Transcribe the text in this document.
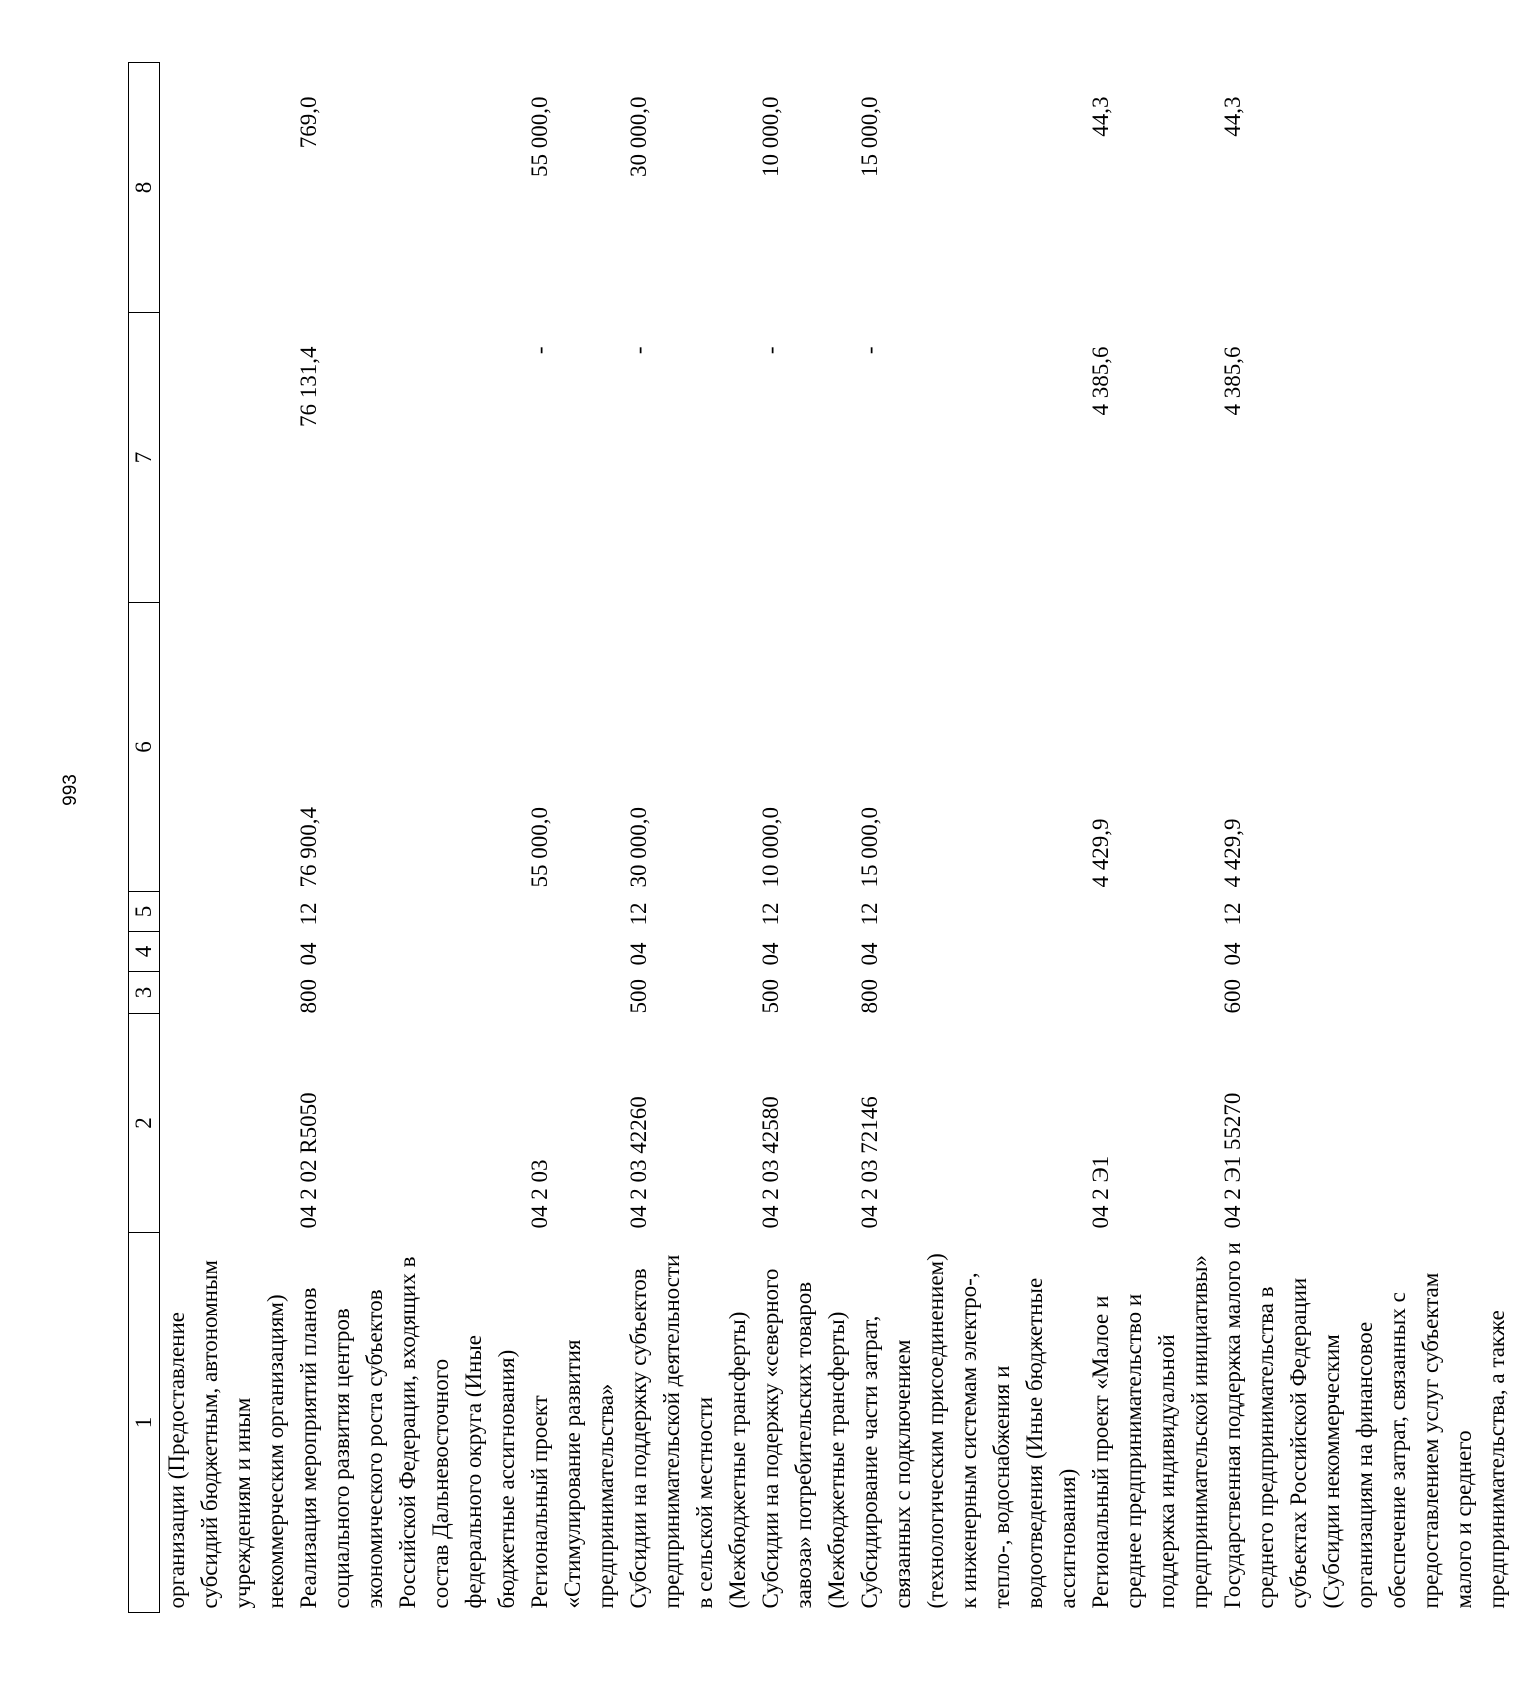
993
1	2	3	4	5	6	7	8
организации (Предоставление субсидий бюджетным, автономным учреждениям и иным некоммерческим организациям)							
Реализация мероприятий планов социального развития центров экономического роста субъектов Российской Федерации, входящих в состав Дальневосточного федерального округа (Иные бюджетные ассигнования)	04 2 02 R5050	800	04	12	76 900,4	76 131,4	769,0
Региональный проект «Стимулирование развития предпринимательства»	04 2 03				55 000,0	-	55 000,0
Субсидии на поддержку субъектов предпринимательской деятельности в сельской местности (Межбюджетные трансферты)	04 2 03 42260	500	04	12	30 000,0	-	30 000,0
Субсидии на подержку «северного завоза» потребительских товаров (Межбюджетные трансферты)	04 2 03 42580	500	04	12	10 000,0	-	10 000,0
Субсидирование части затрат, связанных с подключением (технологическим присоединением) к инженерным системам электро-, тепло-, водоснабжения и водоотведения (Иные бюджетные ассигнования)	04 2 03 72146	800	04	12	15 000,0	-	15 000,0
Региональный проект «Малое и среднее предпринимательство и поддержка индивидуальной предпринимательской инициативы»	04 2 Э1				4 429,9	4 385,6	44,3
Государственная поддержка малого и среднего предпринимательства в субъектах Российской Федерации (Субсидии некоммерческим организациям на финансовое обеспечение затрат, связанных с предоставлением услуг субъектам малого и среднего предпринимательства, а также	04 2 Э1 55270	600	04	12	4 429,9	4 385,6	44,3
